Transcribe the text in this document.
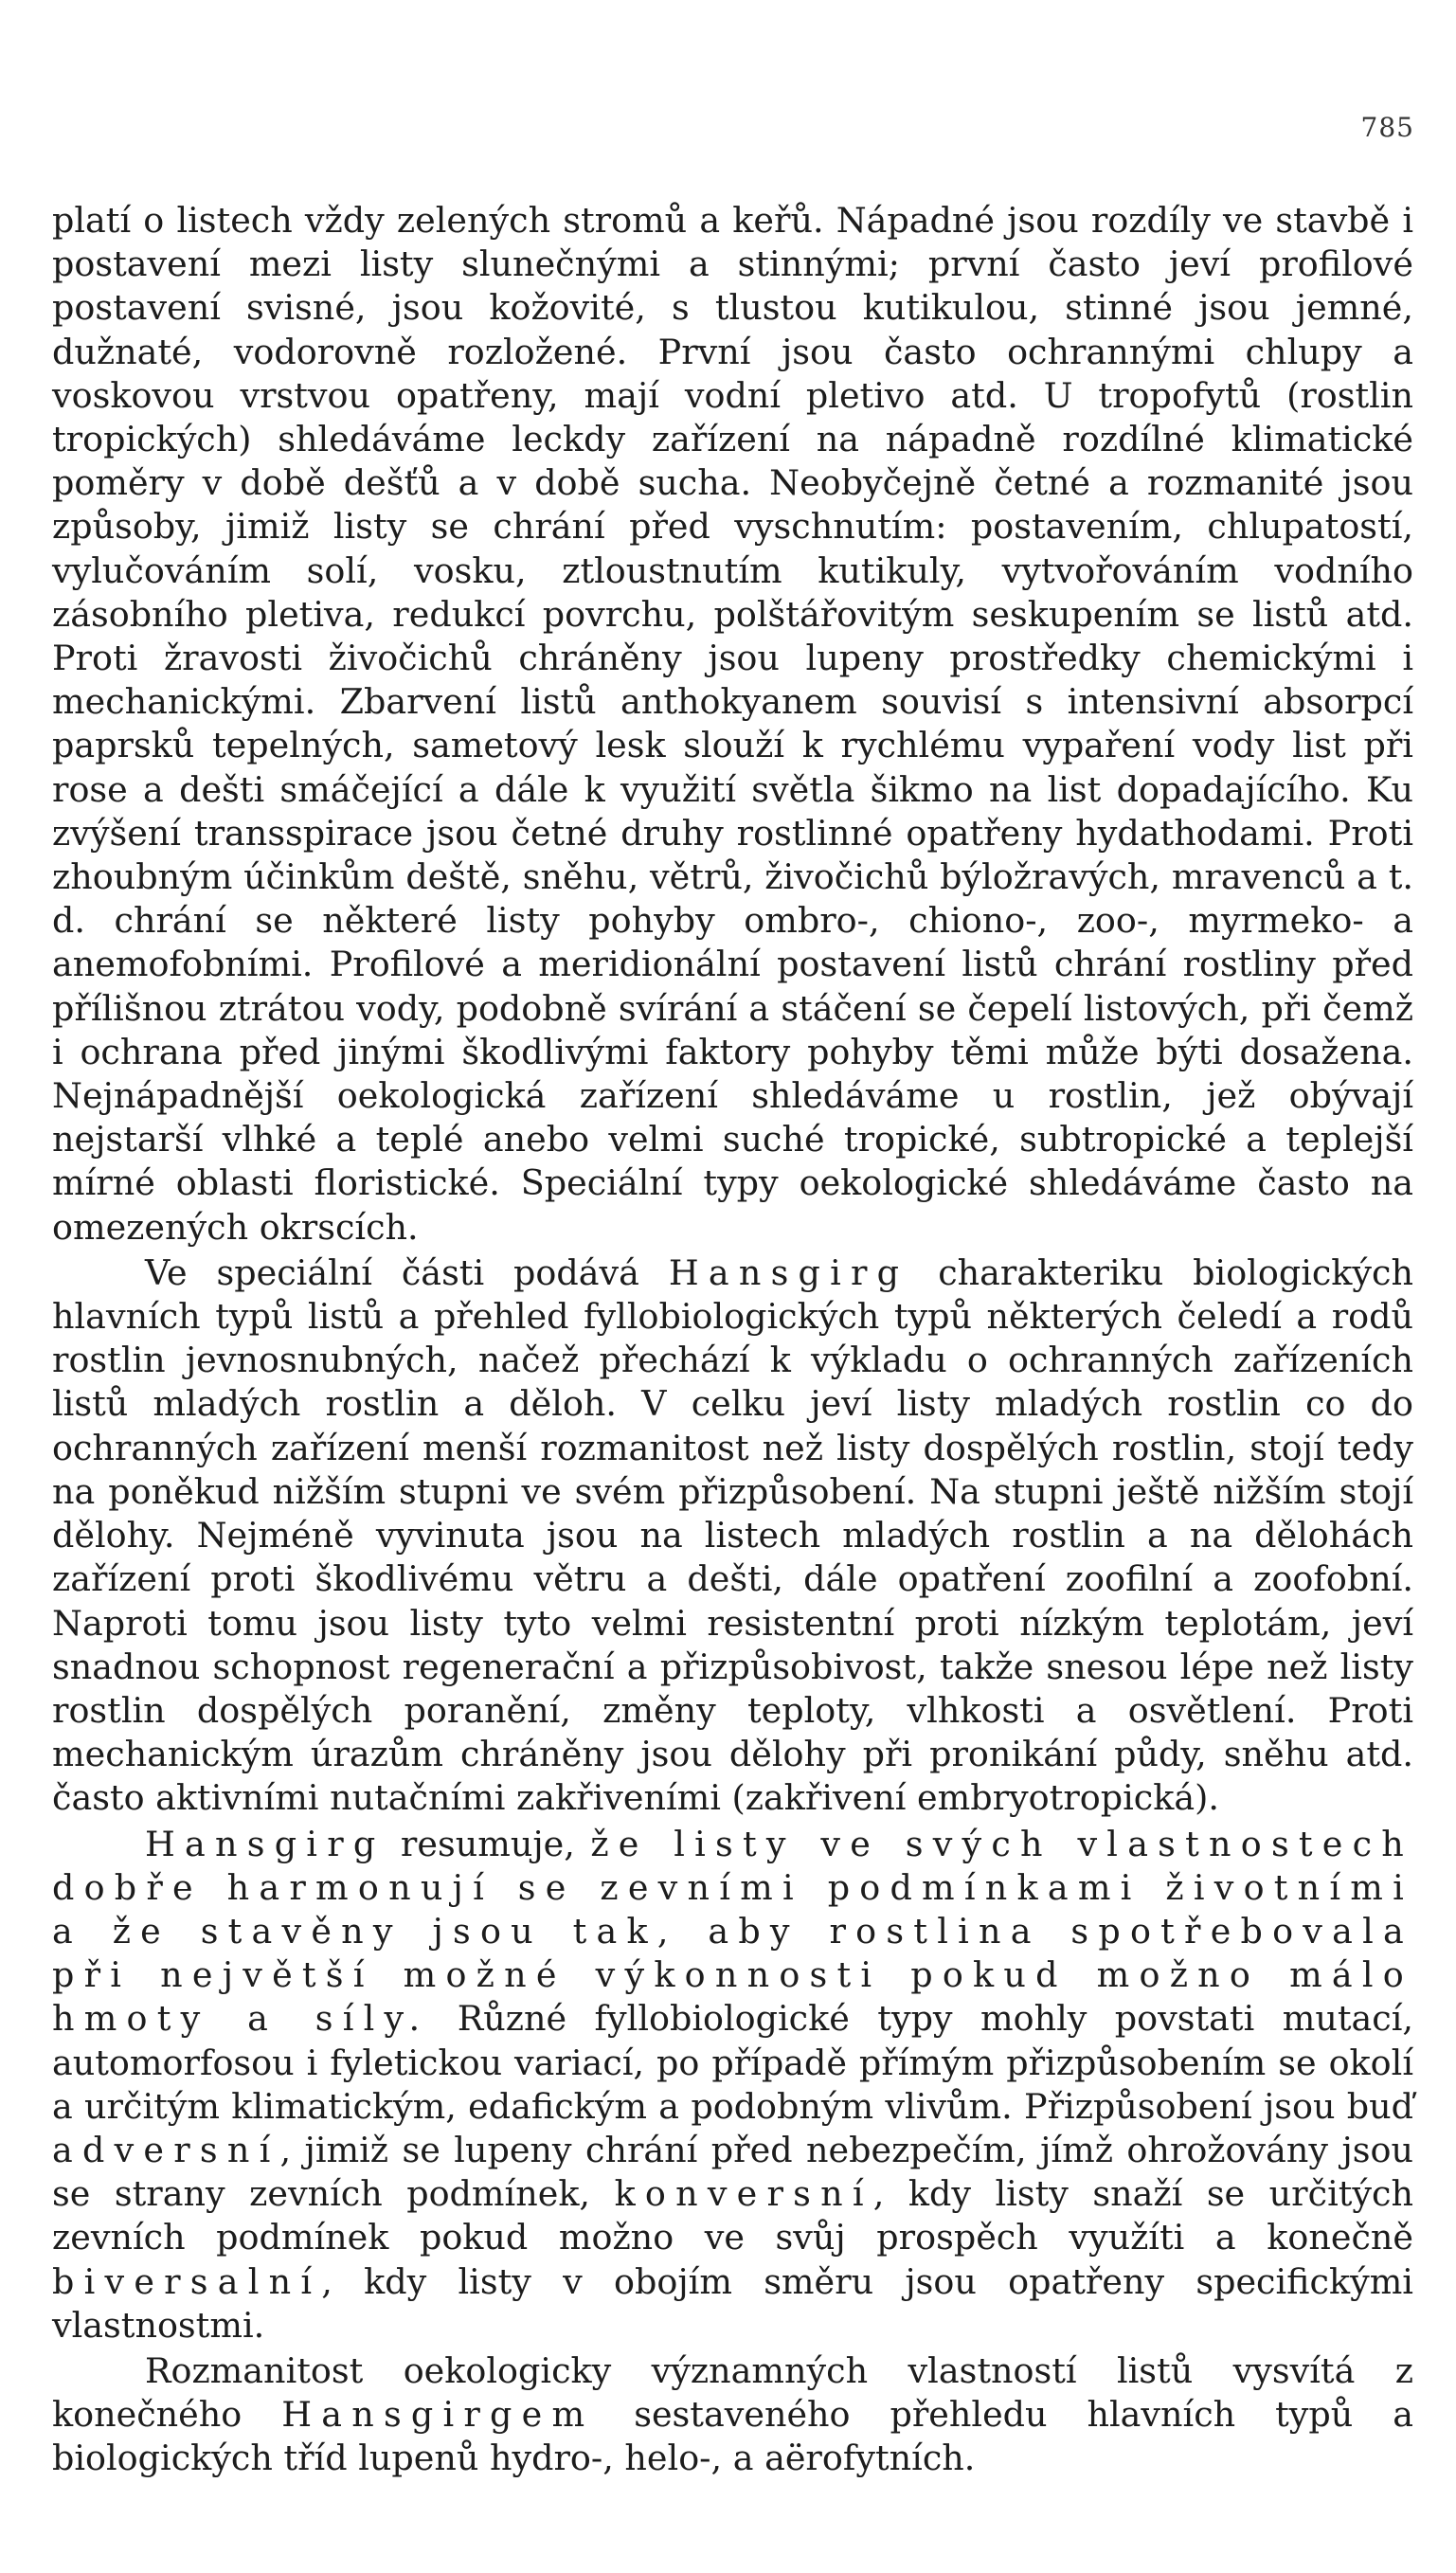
785

platí o listech vždy zelených stromů a keřů. Nápadné jsou rozdíly ve stavbě i postavení mezi listy slunečnými a stinnými; první často jeví profilové postavení svisné, jsou kožovité, s tlustou kutikulou, stinné jsou jemné, dužnaté, vodorovně rozložené. První jsou často ochrannými chlupy a voskovou vrstvou opatřeny, mají vodní pletivo atd. U tropofytů (rostlin tropických) shledáváme leckdy zařízení na nápadně rozdílné klimatické poměry v době dešťů a v době sucha. Neobyčejně četné a rozmanité jsou způsoby, jimiž listy se chrání před vyschnutím: postavením, chlupatostí, vylučováním solí, vosku, ztloustnutím kutikuly, vytvořováním vodního zásobního pletiva, redukcí povrchu, polštářovitým seskupením se listů atd. Proti žravosti živočichů chráněny jsou lupeny prostředky chemickými i mechanickými. Zbarvení listů anthokyanem souvisí s intensivní absorpcí paprsků tepelných, sametový lesk slouží k rychlému vypaření vody list při rose a dešti smáčející a dále k využití světla šikmo na list dopadajícího. Ku zvýšení transspirace jsou četné druhy rostlinné opatřeny hydathodami. Proti zhoubným účinkům deště, sněhu, větrů, živočichů býložravých, mravenců a t. d. chrání se některé listy pohyby ombro-, chiono-, zoo-, myrmeko- a anemofobními. Profilové a meridionální postavení listů chrání rostliny před přílišnou ztrátou vody, podobně svírání a stáčení se čepelí listových, při čemž i ochrana před jinými škodlivými faktory pohyby těmi může býti dosažena. Nejnápadnější oekologická zařízení shledáváme u rostlin, jež obývají nejstarší vlhké a teplé anebo velmi suché tropické, subtropické a teplejší mírné oblasti floristické. Speciální typy oekologické shledáváme často na omezených okrscích.

Ve speciální části podává Hansgirg charakteriku biologických hlavních typů listů a přehled fyllobiologických typů některých čeledí a rodů rostlin jevnosnubných, načež přechází k výkladu o ochranných zařízeních listů mladých rostlin a děloh. V celku jeví listy mladých rostlin co do ochranných zařízení menší rozmanitost než listy dospělých rostlin, stojí tedy na poněkud nižším stupni ve svém přizpůsobení. Na stupni ještě nižším stojí dělohy. Nejméně vyvinuta jsou na listech mladých rostlin a na dělohách zařízení proti škodlivému větru a dešti, dále opatření zoofilní a zoofobní. Naproti tomu jsou listy tyto velmi resistentní proti nízkým teplotám, jeví snadnou schopnost regenerační a přizpůsobivost, takže snesou lépe než listy rostlin dospělých poranění, změny teploty, vlhkosti a osvětlení. Proti mechanickým úrazům chráněny jsou dělohy při pronikání půdy, sněhu atd. často aktivními nutačními zakřiveními (zakřivení embryotropická).

Hansgirg resumuje, že listy ve svých vlastnostech dobře harmonují se zevními podmínkami životními a že stavěny jsou tak, aby rostlina spotřebovala při největší možné výkonnosti pokud možno málo hmoty a síly. Různé fyllobiologické typy mohly povstati mutací, automorfosou i fyletickou variací, po případě přímým přizpůsobením se okolí a určitým klimatickým, edafickým a podobným vlivům. Přizpůsobení jsou buď adversní, jimiž se lupeny chrání před nebezpečím, jímž ohrožovány jsou se strany zevních podmínek, konversní, kdy listy snaží se určitých zevních podmínek pokud možno ve svůj prospěch využíti a konečně biversalní, kdy listy v obojím směru jsou opatřeny specifickými vlastnostmi.

Rozmanitost oekologicky významných vlastností listů vysvítá z konečného Hansgirgem sestaveného přehledu hlavních typů a biologických tříd lupenů hydro-, helo-, a aërofytních.
